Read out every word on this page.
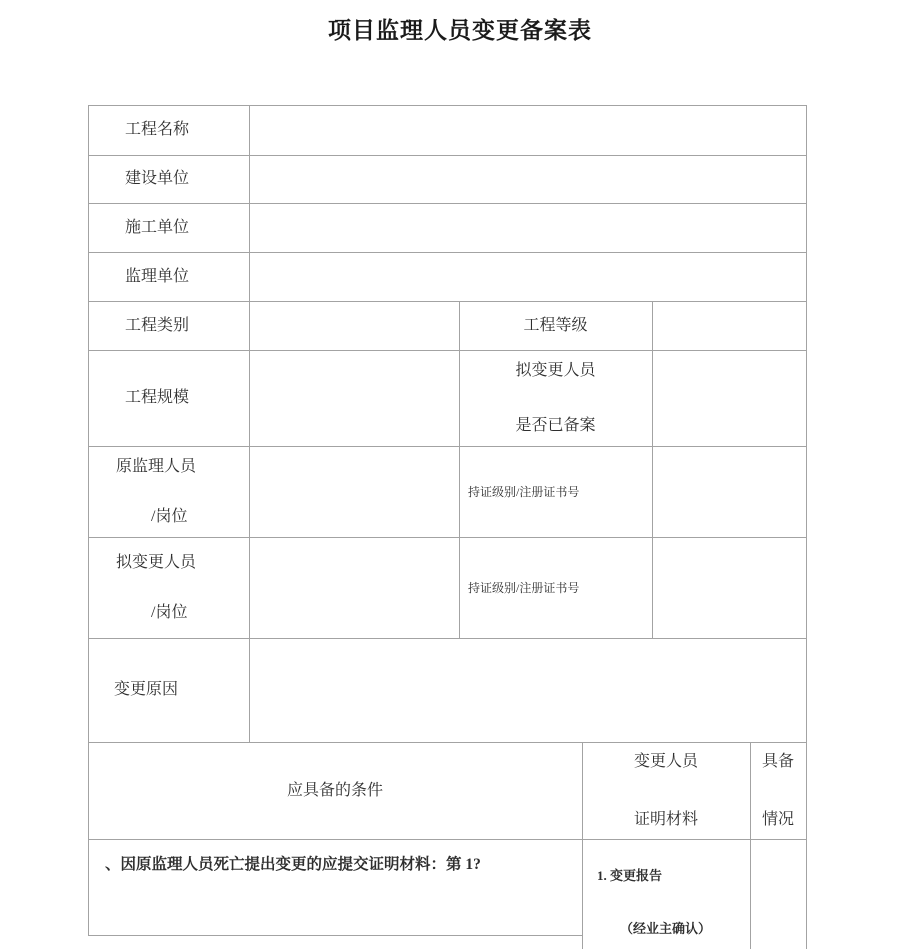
项目监理人员变更备案表
工程名称
建设单位
施工单位
监理单位
工程类别	工程等级
工程规模
拟变更人员
是否已备案
原监理人员
/岗位
持证级别/注册证书号
拟变更人员
/岗位
持证级别/注册证书号
变更原因
应具备的条件
变更人员
证明材料
具备
情况
、因原监理人员死亡提出变更的应提交证明材料：第 1?
1. 变更报告
（经业主确认）
